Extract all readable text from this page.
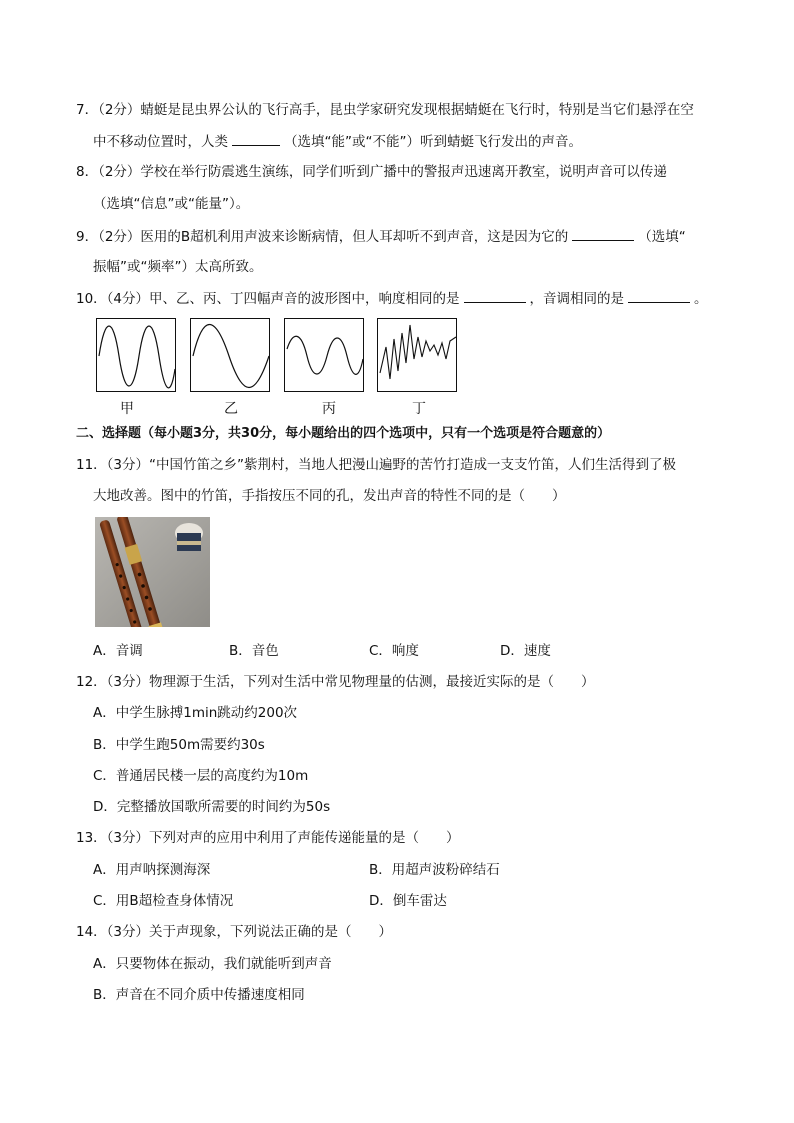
7．（2分）蜻蜓是昆虫界公认的飞行高手，昆虫学家研究发现根据蜻蜓在飞行时，特别是当它们悬浮在空
中不移动位置时，人类	（选填“能”或“不能”）听到蜻蜓飞行发出的声音。
8．（2分）学校在举行防震逃生演练，同学们听到广播中的警报声迅速离开教室，说明声音可以传递
（选填“信息”或“能量”）。
9．（2分）医用的B超机利用声波来诊断病情，但人耳却听不到声音，这是因为它的	（选填“
振幅”或“频率”）太高所致。
10．（4分）甲、乙、丙、丁四幅声音的波形图中，响度相同的是	，音调相同的是	。
甲	乙	丙	丁
二、选择题（每小题3分，共30分，每小题给出的四个选项中，只有一个选项是符合题意的）
11．（3分）“中国竹笛之乡”紫荆村，当地人把漫山遍野的苦竹打造成一支支竹笛，人们生活得到了极
大地改善。图中的竹笛，手指按压不同的孔，发出声音的特性不同的是（　　）
A．音调	B．音色	C．响度	D．速度
12．（3分）物理源于生活，下列对生活中常见物理量的估测，最接近实际的是（　　）
A．中学生脉搏1min跳动约200次
B．中学生跑50m需要约30s
C．普通居民楼一层的高度约为10m
D．完整播放国歌所需要的时间约为50s
13．（3分）下列对声的应用中利用了声能传递能量的是（　　）
A．用声呐探测海深	B．用超声波粉碎结石
C．用B超检查身体情况	D．倒车雷达
14．（3分）关于声现象，下列说法正确的是（　　）
A．只要物体在振动，我们就能听到声音
B．声音在不同介质中传播速度相同
